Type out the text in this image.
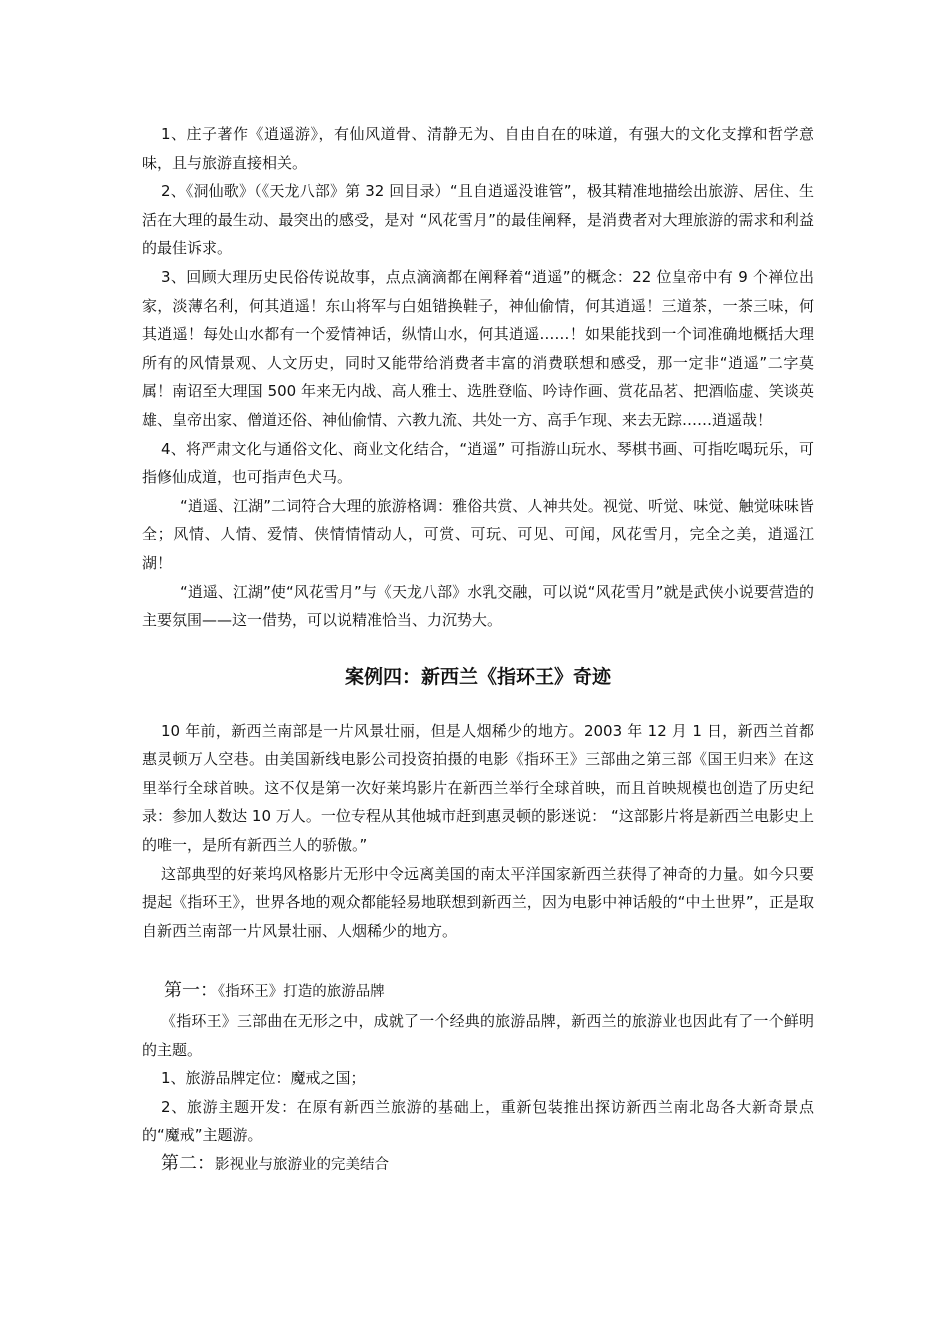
1、庄子著作《逍遥游》，有仙风道骨、清静无为、自由自在的味道，有强大的文化支撑和哲学意味，且与旅游直接相关。

2、《洞仙歌》（《天龙八部》第 32 回目录）“且自逍遥没谁管”，极其精准地描绘出旅游、居住、生活在大理的最生动、最突出的感受，是对 “风花雪月”的最佳阐释，是消费者对大理旅游的需求和利益的最佳诉求。

3、回顾大理历史民俗传说故事，点点滴滴都在阐释着“逍遥”的概念：22 位皇帝中有 9 个禅位出家，淡薄名利，何其逍遥！东山将军与白姐错换鞋子，神仙偷情，何其逍遥！三道茶，一茶三味，何其逍遥！每处山水都有一个爱情神话，纵情山水，何其逍遥……！如果能找到一个词准确地概括大理所有的风情景观、人文历史，同时又能带给消费者丰富的消费联想和感受，那一定非“逍遥”二字莫属！南诏至大理国 500 年来无内战、高人雅士、选胜登临、吟诗作画、赏花品茗、把酒临虚、笑谈英雄、皇帝出家、僧道还俗、神仙偷情、六教九流、共处一方、高手乍现、来去无踪……逍遥哉！

4、将严肃文化与通俗文化、商业文化结合，“逍遥” 可指游山玩水、琴棋书画、可指吃喝玩乐，可指修仙成道，也可指声色犬马。

“逍遥、江湖”二词符合大理的旅游格调：雅俗共赏、人神共处。视觉、听觉、味觉、触觉味味皆全；风情、人情、爱情、侠情情情动人，可赏、可玩、可见、可闻，风花雪月，完全之美，逍遥江湖！

“逍遥、江湖”使“风花雪月”与《天龙八部》水乳交融，可以说“风花雪月”就是武侠小说要营造的主要氛围——这一借势，可以说精准恰当、力沉势大。

案例四：新西兰《指环王》奇迹

10 年前，新西兰南部是一片风景壮丽，但是人烟稀少的地方。2003 年 12 月 1 日，新西兰首都惠灵顿万人空巷。由美国新线电影公司投资拍摄的电影《指环王》三部曲之第三部《国王归来》在这里举行全球首映。这不仅是第一次好莱坞影片在新西兰举行全球首映，而且首映规模也创造了历史纪录：参加人数达 10 万人。一位专程从其他城市赶到惠灵顿的影迷说： “这部影片将是新西兰电影史上的唯一，是所有新西兰人的骄傲。”

这部典型的好莱坞风格影片无形中令远离美国的南太平洋国家新西兰获得了神奇的力量。如今只要提起《指环王》，世界各地的观众都能轻易地联想到新西兰，因为电影中神话般的“中土世界”，正是取自新西兰南部一片风景壮丽、人烟稀少的地方。

第一：《指环王》打造的旅游品牌

《指环王》三部曲在无形之中，成就了一个经典的旅游品牌，新西兰的旅游业也因此有了一个鲜明的主题。

1、旅游品牌定位：魔戒之国；

2、旅游主题开发：在原有新西兰旅游的基础上，重新包装推出探访新西兰南北岛各大新奇景点的“魔戒”主题游。

第二：影视业与旅游业的完美结合
